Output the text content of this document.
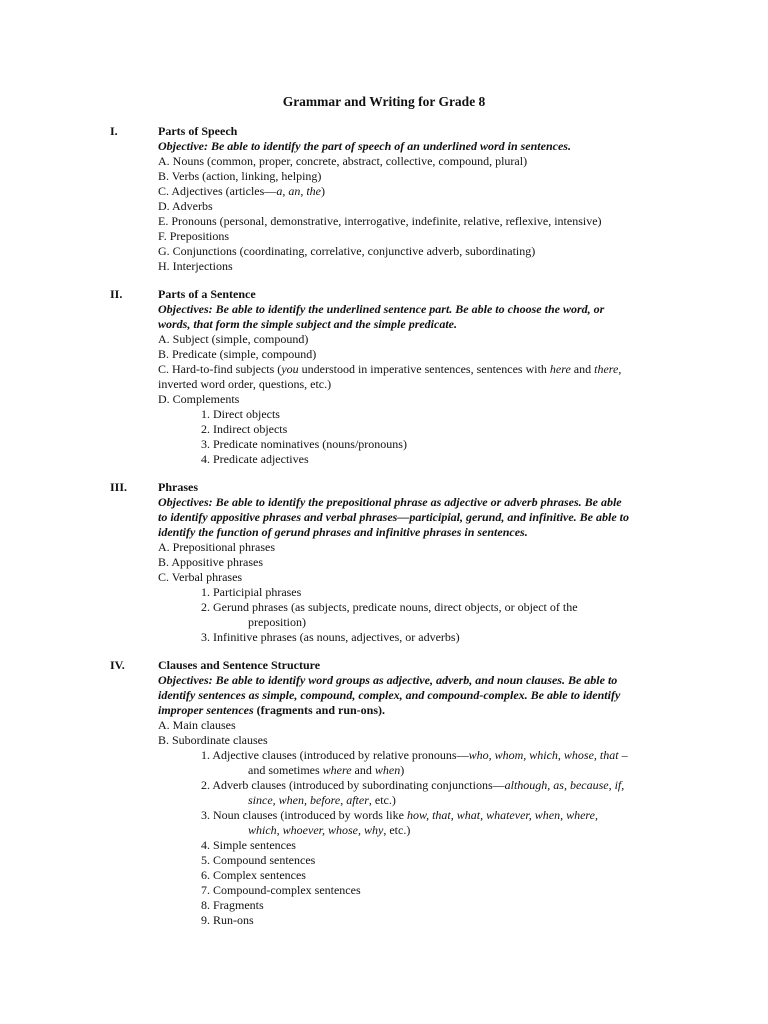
Grammar and Writing for Grade 8
I.	Parts of Speech
Objective: Be able to identify the part of speech of an underlined word in sentences.
A. Nouns (common, proper, concrete, abstract, collective, compound, plural)
B. Verbs (action, linking, helping)
C. Adjectives (articles—a, an, the)
D. Adverbs
E. Pronouns (personal, demonstrative, interrogative, indefinite, relative, reflexive, intensive)
F. Prepositions
G. Conjunctions (coordinating, correlative, conjunctive adverb, subordinating)
H. Interjections
II.	Parts of a Sentence
Objectives: Be able to identify the underlined sentence part. Be able to choose the word, or
words, that form the simple subject and the simple predicate.
A. Subject (simple, compound)
B. Predicate (simple, compound)
C. Hard-to-find subjects (you understood in imperative sentences, sentences with here and there,
inverted word order, questions, etc.)
D. Complements
1. Direct objects
2. Indirect objects
3. Predicate nominatives (nouns/pronouns)
4. Predicate adjectives
III.	Phrases
Objectives: Be able to identify the prepositional phrase as adjective or adverb phrases. Be able
to identify appositive phrases and verbal phrases—participial, gerund, and infinitive. Be able to
identify the function of gerund phrases and infinitive phrases in sentences.
A. Prepositional phrases
B. Appositive phrases
C. Verbal phrases
1. Participial phrases
2. Gerund phrases (as subjects, predicate nouns, direct objects, or object of the
preposition)
3. Infinitive phrases (as nouns, adjectives, or adverbs)
IV.	Clauses and Sentence Structure
Objectives: Be able to identify word groups as adjective, adverb, and noun clauses. Be able to
identify sentences as simple, compound, complex, and compound-complex. Be able to identify
improper sentences (fragments and run-ons).
A. Main clauses
B. Subordinate clauses
1. Adjective clauses (introduced by relative pronouns—who, whom, which, whose, that –
and sometimes where and when)
2. Adverb clauses (introduced by subordinating conjunctions—although, as, because, if,
since, when, before, after, etc.)
3. Noun clauses (introduced by words like how, that, what, whatever, when, where,
which, whoever, whose, why, etc.)
4. Simple sentences
5. Compound sentences
6. Complex sentences
7. Compound-complex sentences
8. Fragments
9. Run-ons
